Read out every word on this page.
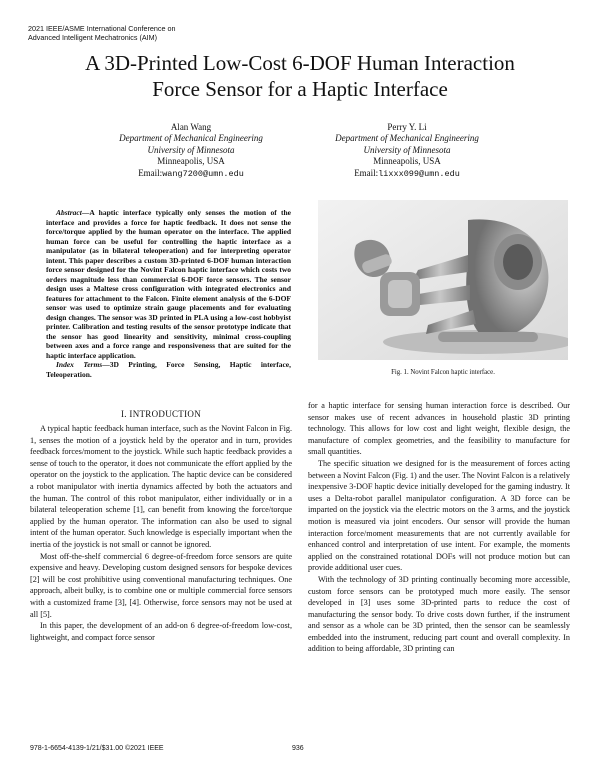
2021 IEEE/ASME International Conference on
Advanced Intelligent Mechatronics (AIM)
A 3D-Printed Low-Cost 6-DOF Human Interaction
Force Sensor for a Haptic Interface
Alan Wang
Department of Mechanical Engineering
University of Minnesota
Minneapolis, USA
Email:wang7200@umn.edu
Perry Y. Li
Department of Mechanical Engineering
University of Minnesota
Minneapolis, USA
Email:lixxx099@umn.edu

Abstract—A haptic interface typically only senses the motion of the interface and provides a force for haptic feedback. It does not sense the force/torque applied by the human operator on the interface. The applied human force can be useful for controlling the haptic interface as a manipulator (as in bilateral teleoperation) and for interpreting operator intent. This paper describes a custom 3D-printed 6-DOF human interaction force sensor designed for the Novint Falcon haptic interface which costs two orders magnitude less than commercial 6-DOF force sensors. The sensor design uses a Maltese cross configuration with integrated electronics and features for attachment to the Falcon. Finite element analysis of the 6-DOF sensor was used to optimize strain gauge placements and for evaluating design changes. The sensor was 3D printed in PLA using a low-cost hobbyist printer. Calibration and testing results of the sensor prototype indicate that the sensor has good linearity and sensitivity, minimal cross-coupling between axes and a force range and responsiveness that are suited for the haptic interface application.

Index Terms—3D Printing, Force Sensing, Haptic interface, Teleoperation.	Fig. 1. Novint Falcon haptic interface.
I. INTRODUCTION

A typical haptic feedback human interface, such as the Novint Falcon in Fig. 1, senses the motion of a joystick held by the operator and in turn, provides feedback forces/moment to the joystick. While such haptic feedback provides a sense of touch to the operator, it does not communicate the effort applied by the operator on the joystick to the application. The haptic device can be considered a robot manipulator with inertia dynamics affected by both the actuators and the human. The control of this robot manipulator, either individually or in a bilateral teleoperation scheme [1], can benefit from knowing the force/torque applied by the human operator. The information can also be used to signal intent of the human operator. Such knowledge is especially important when the inertia of the joystick is not small or cannot be ignored.

Most off-the-shelf commercial 6 degree-of-freedom force sensors are quite expensive and heavy. Developing custom designed sensors for bespoke devices [2] will be cost prohibitive using conventional manufacturing techniques. One approach, albeit bulky, is to combine one or multiple commercial force sensors with a customized frame [3], [4]. Otherwise, force sensors may not be used at all [5].

In this paper, the development of an add-on 6 degree-of-freedom low-cost, lightweight, and compact force sensor

for a haptic interface for sensing human interaction force is described. Our sensor makes use of recent advances in household plastic 3D printing technology. This allows for low cost and light weight, flexible design, the manufacture of complex geometries, and the feasibility to manufacture for small quantities.

The specific situation we designed for is the measurement of forces acting between a Novint Falcon (Fig. 1) and the user. The Novint Falcon is a relatively inexpensive 3-DOF haptic device initially developed for the gaming industry. It uses a Delta-robot parallel manipulator configuration. A 3D force can be imparted on the joystick via the electric motors on the 3 arms, and the joystick motion is measured via joint encoders. Our sensor will provide the human interaction force/moment measurements that are not currently available for enhanced control and interpretation of use intent. For example, the moments applied on the constrained rotational DOFs will not produce motion but can provide additional user cues.

With the technology of 3D printing continually becoming more accessible, custom force sensors can be prototyped much more easily. The sensor developed in [3] uses some 3D-printed parts to reduce the cost of manufacturing the sensor body. To drive costs down further, if the instrument and sensor as a whole can be 3D printed, then the sensor can be seamlessly embedded into the instrument, reducing part count and overall complexity. In addition to being affordable, 3D printing can

978-1-6654-4139-1/21/$31.00 ©2021 IEEE	936
